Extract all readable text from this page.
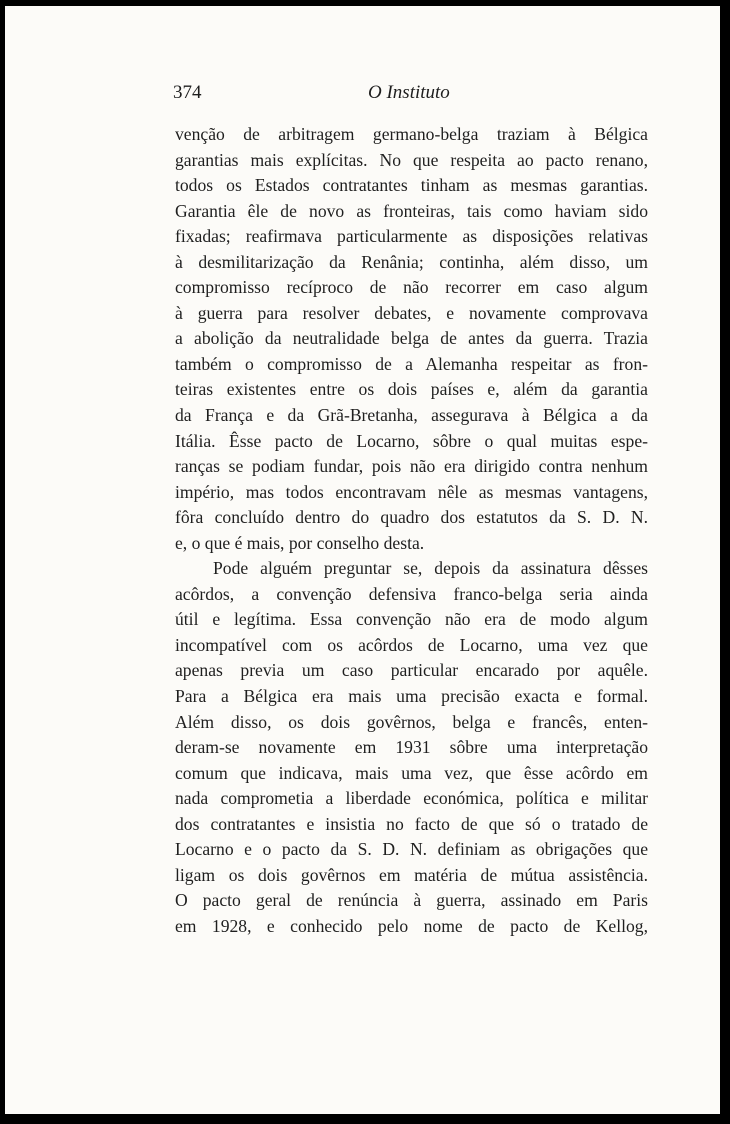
374	O Instituto
venção de arbitragem germano-belga traziam à Bélgica
garantias mais explícitas. No que respeita ao pacto renano,
todos os Estados contratantes tinham as mesmas garantias.
Garantia êle de novo as fronteiras, tais como haviam sido
fixadas; reafirmava particularmente as disposições relativas
à desmilitarização da Renânia; continha, além disso, um
compromisso recíproco de não recorrer em caso algum
à guerra para resolver debates, e novamente comprovava
a abolição da neutralidade belga de antes da guerra. Trazia
também o compromisso de a Alemanha respeitar as fron-
teiras existentes entre os dois países e, além da garantia
da França e da Grã-Bretanha, assegurava à Bélgica a da
Itália. Êsse pacto de Locarno, sôbre o qual muitas espe-
ranças se podiam fundar, pois não era dirigido contra nenhum
império, mas todos encontravam nêle as mesmas vantagens,
fôra concluído dentro do quadro dos estatutos da S. D. N.
e, o que é mais, por conselho desta.
Pode alguém preguntar se, depois da assinatura dêsses
acôrdos, a convenção defensiva franco-belga seria ainda
útil e legítima. Essa convenção não era de modo algum
incompatível com os acôrdos de Locarno, uma vez que
apenas previa um caso particular encarado por aquêle.
Para a Bélgica era mais uma precisão exacta e formal.
Além disso, os dois govêrnos, belga e francês, enten-
deram-se novamente em 1931 sôbre uma interpretação
comum que indicava, mais uma vez, que êsse acôrdo em
nada comprometia a liberdade económica, política e militar
dos contratantes e insistia no facto de que só o tratado de
Locarno e o pacto da S. D. N. definiam as obrigações que
ligam os dois govêrnos em matéria de mútua assistência.
O pacto geral de renúncia à guerra, assinado em Paris
em 1928, e conhecido pelo nome de pacto de Kellog,
